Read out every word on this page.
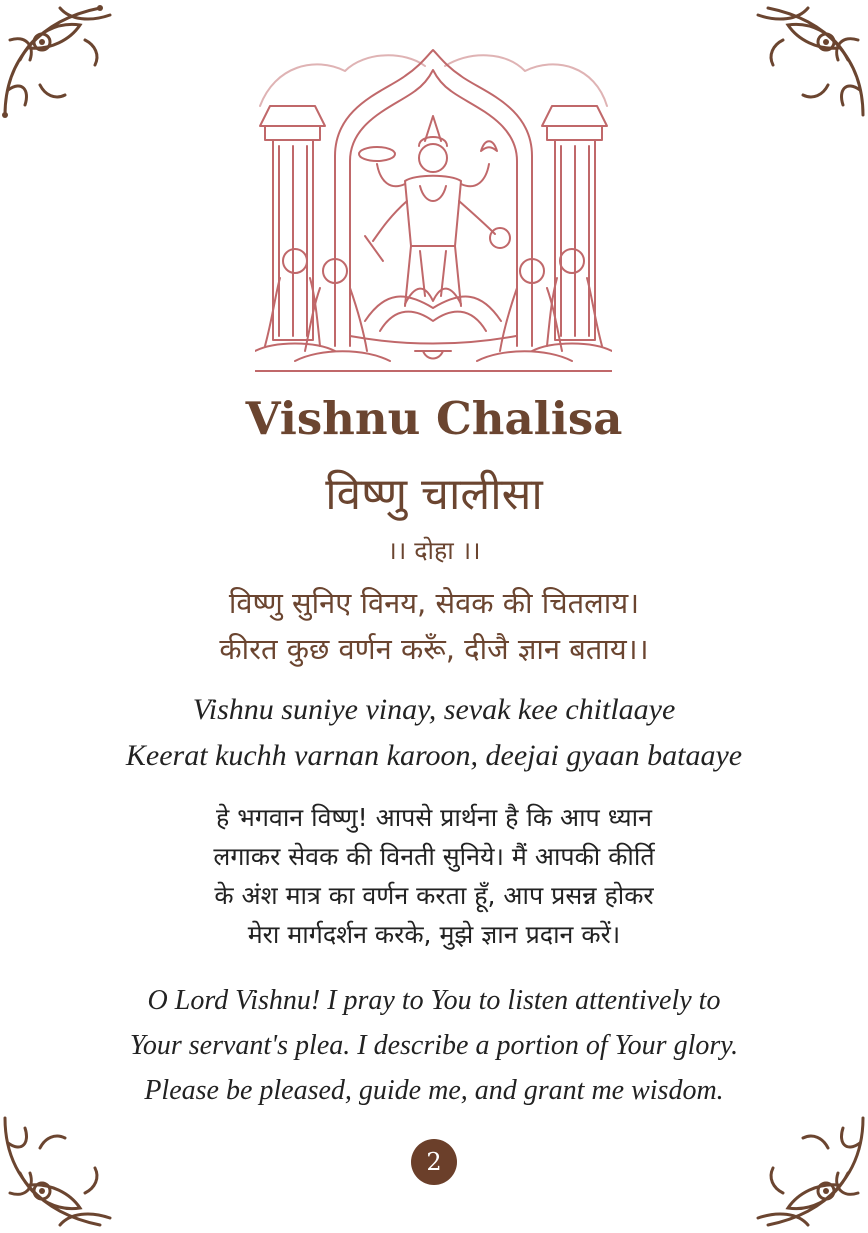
Vishnu Chalisa
विष्णु चालीसा
।। दोहा ।।
विष्णु सुनिए विनय, सेवक की चितलाय।
कीरत कुछ वर्णन करूँ, दीजै ज्ञान बताय।।
Vishnu suniye vinay, sevak kee chitlaaye
Keerat kuchh varnan karoon, deejai gyaan bataaye
हे भगवान विष्णु! आपसे प्रार्थना है कि आप ध्यान
लगाकर सेवक की विनती सुनिये। मैं आपकी कीर्ति
के अंश मात्र का वर्णन करता हूँ, आप प्रसन्न होकर
मेरा मार्गदर्शन करके, मुझे ज्ञान प्रदान करें।
O Lord Vishnu! I pray to You to listen attentively to
Your servant's plea. I describe a portion of Your glory.
Please be pleased, guide me, and grant me wisdom.
2
